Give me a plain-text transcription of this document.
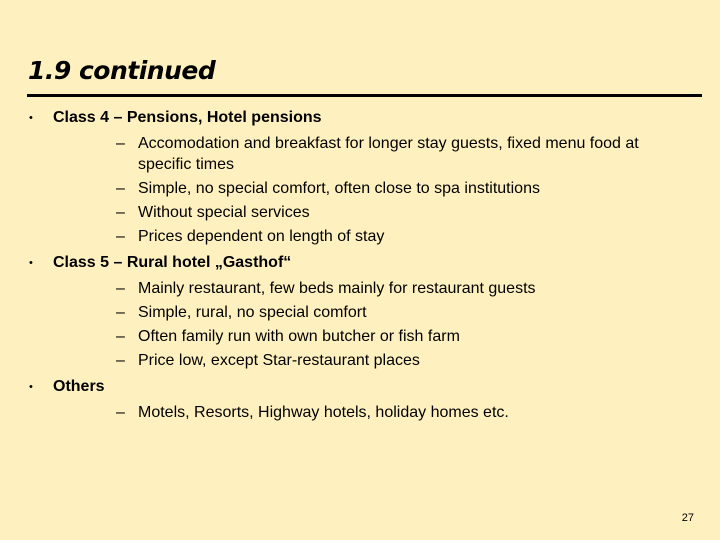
1.9 continued
• Class 4 – Pensions, Hotel pensions
– Accomodation and breakfast for longer stay guests, fixed menu food at specific times
– Simple, no special comfort, often close to spa institutions
– Without special services
– Prices dependent on length of stay
• Class 5 – Rural hotel „Gasthof“
– Mainly restaurant, few beds mainly for restaurant guests
– Simple, rural, no special comfort
– Often family run with own butcher or fish farm
– Price low, except Star-restaurant places
• Others
– Motels, Resorts, Highway hotels, holiday homes etc.
27
